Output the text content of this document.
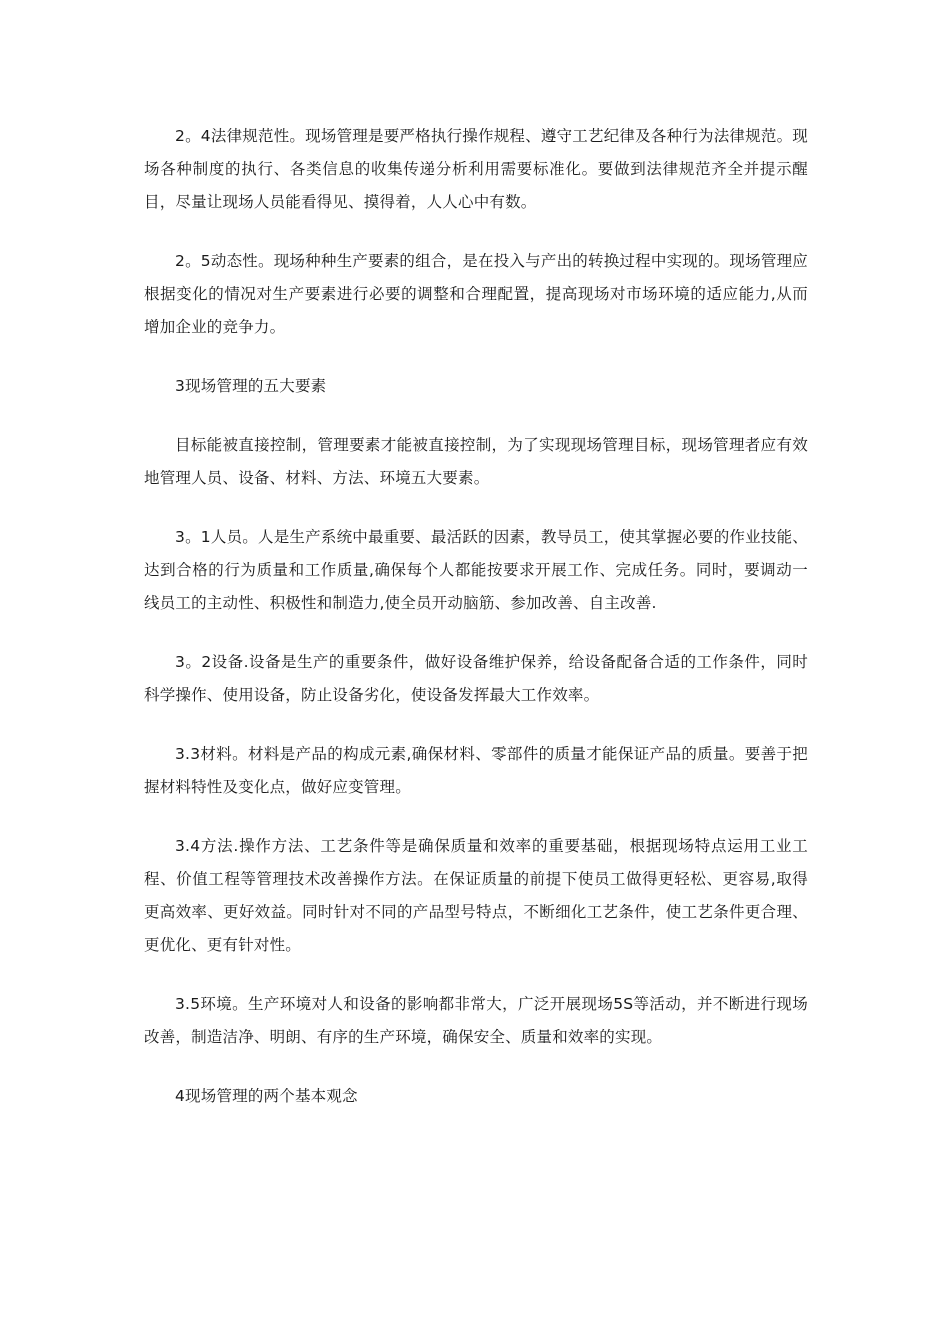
2。4法律规范性。现场管理是要严格执行操作规程、遵守工艺纪律及各种行为法律规范。现场各种制度的执行、各类信息的收集传递分析利用需要标准化。要做到法律规范齐全并提示醒目，尽量让现场人员能看得见、摸得着，人人心中有数。

2。5动态性。现场种种生产要素的组合，是在投入与产出的转换过程中实现的。现场管理应根据变化的情况对生产要素进行必要的调整和合理配置，提高现场对市场环境的适应能力,从而增加企业的竞争力。

3现场管理的五大要素

目标能被直接控制，管理要素才能被直接控制，为了实现现场管理目标，现场管理者应有效地管理人员、设备、材料、方法、环境五大要素。

3。1人员。人是生产系统中最重要、最活跃的因素，教导员工，使其掌握必要的作业技能、达到合格的行为质量和工作质量,确保每个人都能按要求开展工作、完成任务。同时，要调动一线员工的主动性、积极性和制造力,使全员开动脑筋、参加改善、自主改善.

3。2设备.设备是生产的重要条件，做好设备维护保养，给设备配备合适的工作条件，同时科学操作、使用设备，防止设备劣化，使设备发挥最大工作效率。

3.3材料。材料是产品的构成元素,确保材料、零部件的质量才能保证产品的质量。要善于把握材料特性及变化点，做好应变管理。

3.4方法.操作方法、工艺条件等是确保质量和效率的重要基础，根据现场特点运用工业工程、价值工程等管理技术改善操作方法。在保证质量的前提下使员工做得更轻松、更容易,取得更高效率、更好效益。同时针对不同的产品型号特点，不断细化工艺条件，使工艺条件更合理、更优化、更有针对性。

3.5环境。生产环境对人和设备的影响都非常大，广泛开展现场5S等活动，并不断进行现场改善，制造洁净、明朗、有序的生产环境，确保安全、质量和效率的实现。

4现场管理的两个基本观念
